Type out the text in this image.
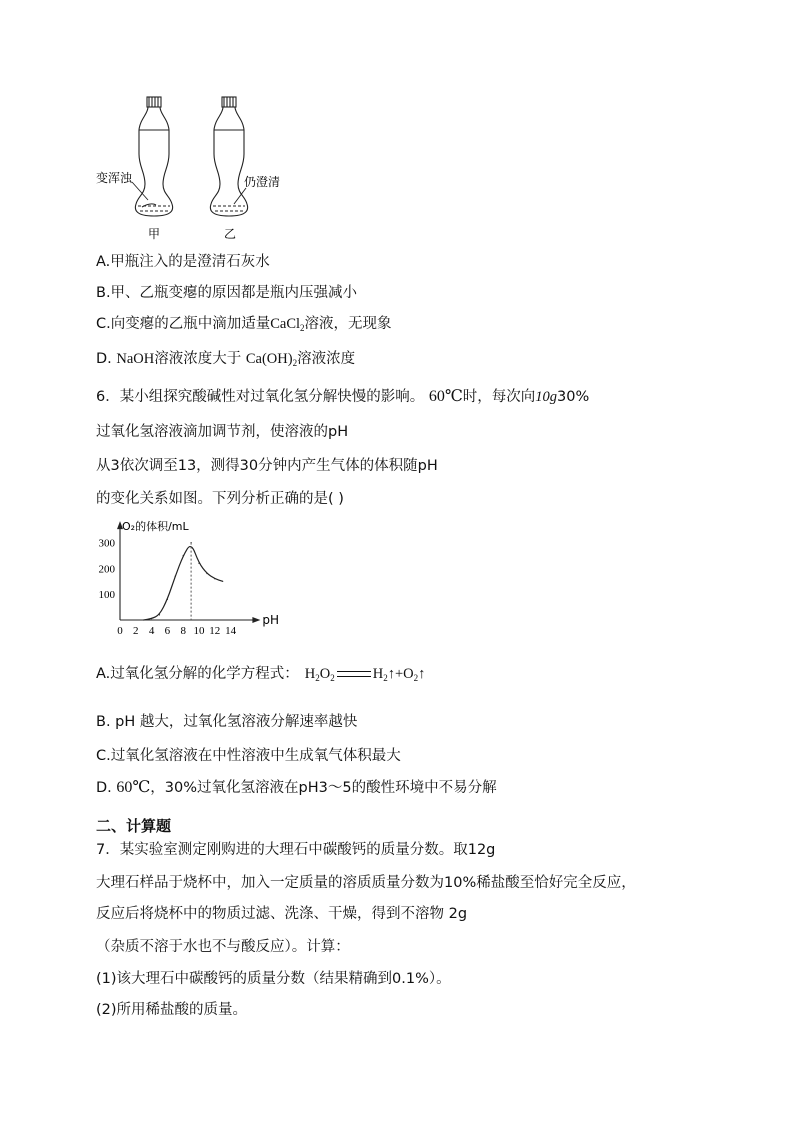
变浑浊
甲
仍澄清
乙
A.甲瓶注入的是澄清石灰水
B.甲、乙瓶变瘪的原因都是瓶内压强减小
C.向变瘪的乙瓶中滴加适量CaCl$_2$溶液，无现象
D. NaOH溶液浓度大于 $Ca(OH)_2$溶液浓度
6．某小组探究酸碱性对过氧化氢分解快慢的影响。 60℃时，每次向10g30%
过氧化氢溶液滴加调节剂，使溶液的pH
从3依次调至13，测得30分钟内产生气体的体积随pH
的变化关系如图。下列分析正确的是( )
O₂的体积/mL
pH
0 2 4 6 8 10 12 14
100
200
300
A.过氧化氢分解的化学方程式： $H_2O_2$	$H_2↑+O_2↑$
B. pH 越大，过氧化氢溶液分解速率越快
C.过氧化氢溶液在中性溶液中生成氧气体积最大
D. 60℃，30%过氧化氢溶液在pH3～5的酸性环境中不易分解
二、计算题
7．某实验室测定刚购进的大理石中碳酸钙的质量分数。取12g
大理石样品于烧杯中，加入一定质量的溶质质量分数为10%稀盐酸至恰好完全反应，
反应后将烧杯中的物质过滤、洗涤、干燥，得到不溶物 2g
（杂质不溶于水也不与酸反应）。计算：
(1)该大理石中碳酸钙的质量分数（结果精确到0.1%）。
(2)所用稀盐酸的质量。
